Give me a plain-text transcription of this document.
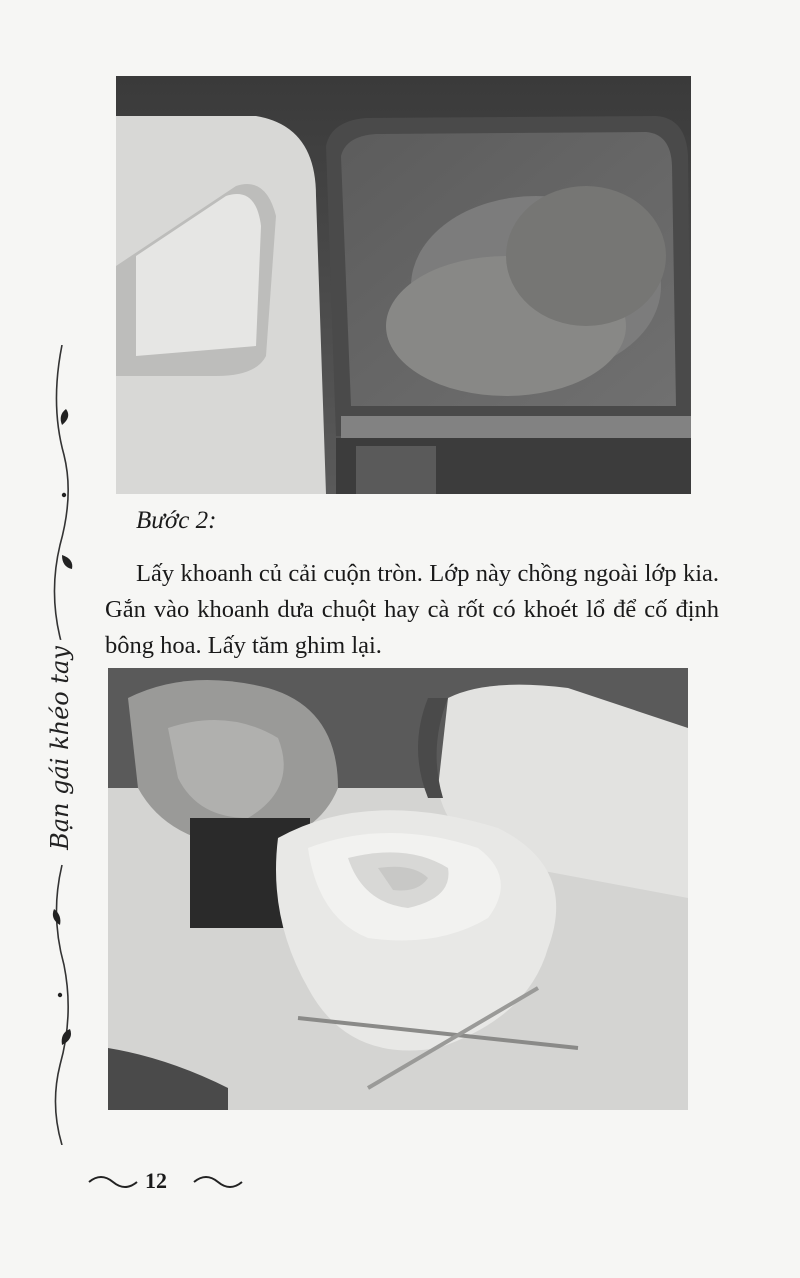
Bạn gái khéo tay
Bước 2:
Lấy khoanh củ cải cuộn tròn. Lớp này chồng ngoài lớp kia. Gắn vào khoanh dưa chuột hay cà rốt có khoét lổ để cố định bông hoa. Lấy tăm ghim lại.
12
